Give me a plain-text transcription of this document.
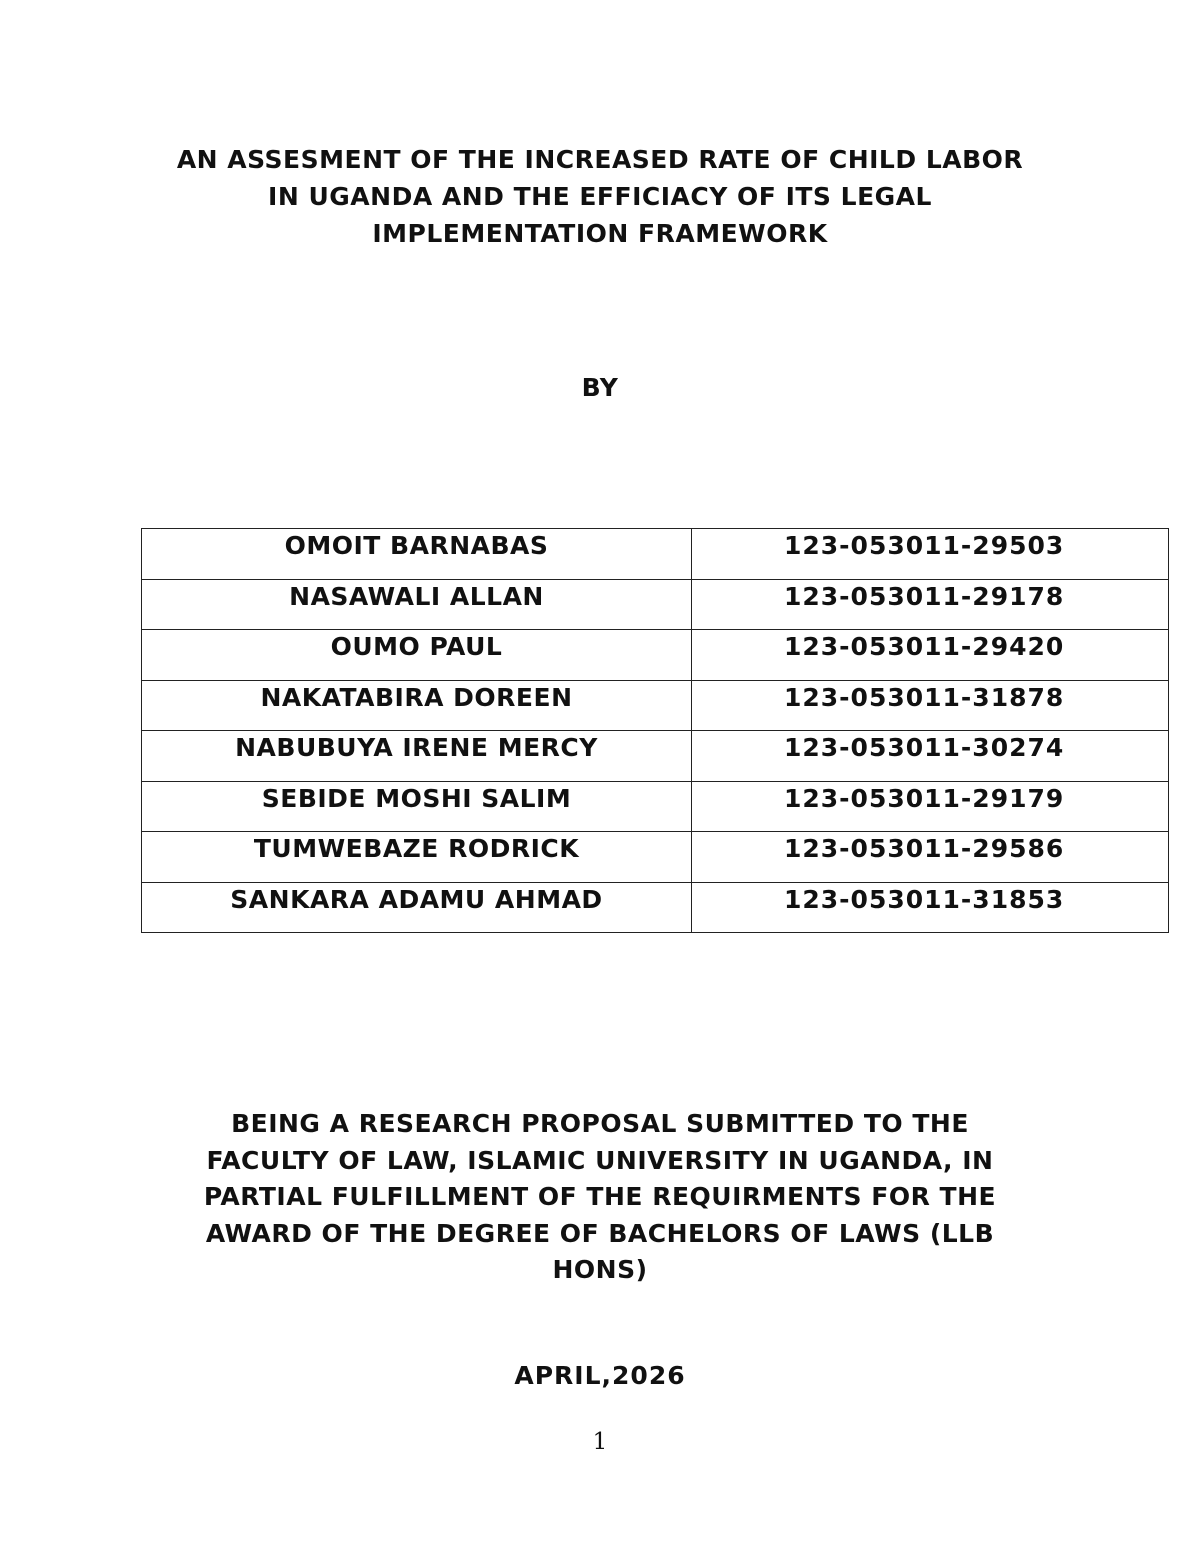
AN ASSESMENT OF THE INCREASED RATE OF CHILD LABOR
IN UGANDA AND THE EFFICIACY OF ITS LEGAL
IMPLEMENTATION FRAMEWORK
BY
OMOIT BARNABAS	123-053011-29503
NASAWALI ALLAN	123-053011-29178
OUMO PAUL	123-053011-29420
NAKATABIRA DOREEN	123-053011-31878
NABUBUYA IRENE MERCY	123-053011-30274
SEBIDE MOSHI SALIM	123-053011-29179
TUMWEBAZE RODRICK	123-053011-29586
SANKARA ADAMU AHMAD	123-053011-31853
BEING A RESEARCH PROPOSAL SUBMITTED TO THE
FACULTY OF LAW, ISLAMIC UNIVERSITY IN UGANDA, IN
PARTIAL FULFILLMENT OF THE REQUIRMENTS FOR THE
AWARD OF THE DEGREE OF BACHELORS OF LAWS (LLB
HONS)
APRIL,2026
1
